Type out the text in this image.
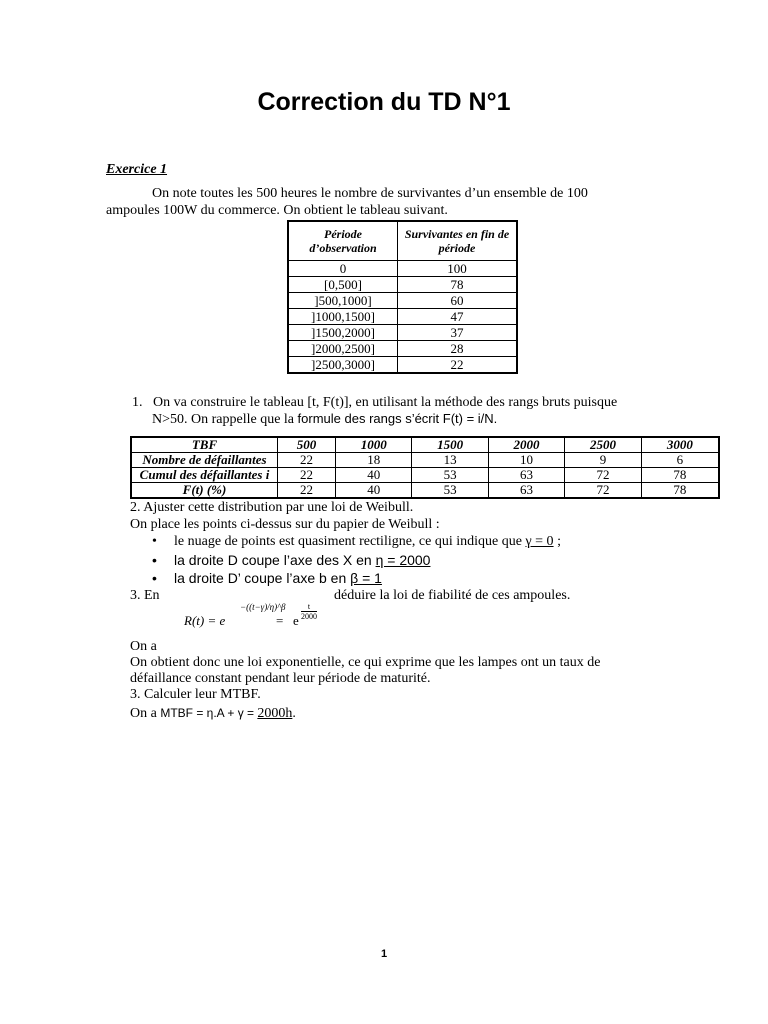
Correction du TD N°1
Exercice 1
On note toutes les 500 heures le nombre de survivantes d’un ensemble de 100
ampoules 100W du commerce. On obtient le tableau suivant.
Période d’observation	Survivantes en fin de période
0	100
[0,500]	78
]500,1000]	60
]1000,1500]	47
]1500,2000]	37
]2000,2500]	28
]2500,3000]	22
1. On va construire le tableau [t, F(t)], en utilisant la méthode des rangs bruts puisque
N>50. On rappelle que la formule des rangs s’écrit F(t) = i/N.
TBF	500	1000	1500	2000	2500	3000
Nombre de défaillantes	22	18	13	10	9	6
Cumul des défaillantes i	22	40	53	63	72	78
F(t) (%)	22	40	53	63	72	78
2. Ajuster cette distribution par une loi de Weibull.
On place les points ci-dessus sur du papier de Weibull :
• le nuage de points est quasiment rectiligne, ce qui indique que γ = 0 ;
• la droite D coupe l’axe des X en η = 2000
• la droite D’ coupe l’axe b en β = 1
3. En	déduire la loi de fiabilité de ces ampoules.
R(t) = e
−((t−γ)/η)^β
= e $\frac{t}{2000}$
On a
On obtient donc une loi exponentielle, ce qui exprime que les lampes ont un taux de
défaillance constant pendant leur période de maturité.
3. Calculer leur MTBF.
On a MTBF = η.A + γ = 2000h.
1
